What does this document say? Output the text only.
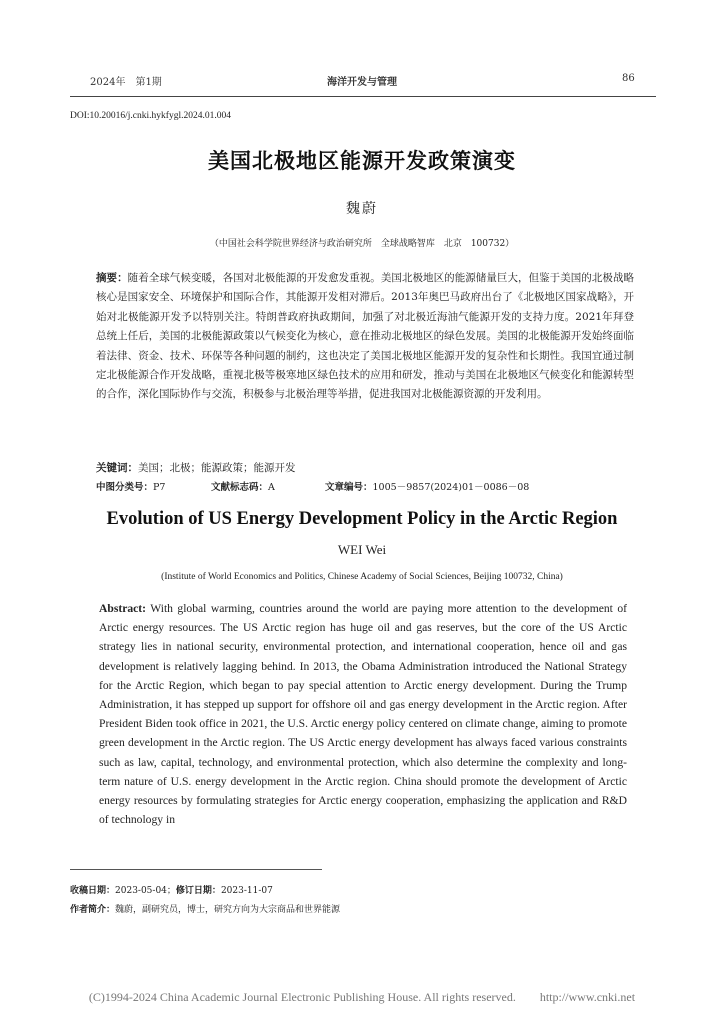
2024年　第1期	海洋开发与管理	86
DOI:10.20016/j.cnki.hykfygl.2024.01.004
美国北极地区能源开发政策演变
魏蔚
（中国社会科学院世界经济与政治研究所　全球战略智库　北京　100732）
摘要：随着全球气候变暖，各国对北极能源的开发愈发重视。美国北极地区的能源储量巨大，但鉴于美国的北极战略核心是国家安全、环境保护和国际合作，其能源开发相对滞后。2013年奥巴马政府出台了《北极地区国家战略》，开始对北极能源开发予以特别关注。特朗普政府执政期间，加强了对北极近海油气能源开发的支持力度。2021年拜登总统上任后，美国的北极能源政策以气候变化为核心，意在推动北极地区的绿色发展。美国的北极能源开发始终面临着法律、资金、技术、环保等各种问题的制约，这也决定了美国北极地区能源开发的复杂性和长期性。我国宜通过制定北极能源合作开发战略，重视北极等极寒地区绿色技术的应用和研发，推动与美国在北极地区气候变化和能源转型的合作，深化国际协作与交流，积极参与北极治理等举措，促进我国对北极能源资源的开发利用。
关键词：美国；北极；能源政策；能源开发
中图分类号：P7	文献标志码：A	文章编号：1005－9857(2024)01－0086－08
Evolution of US Energy Development Policy in the Arctic Region
WEI Wei
(Institute of World Economics and Politics, Chinese Academy of Social Sciences, Beijing 100732, China)
Abstract: With global warming, countries around the world are paying more attention to the development of Arctic energy resources. The US Arctic region has huge oil and gas reserves, but the core of the US Arctic strategy lies in national security, environmental protection, and international cooperation, hence oil and gas development is relatively lagging behind. In 2013, the Obama Administration introduced the National Strategy for the Arctic Region, which began to pay special attention to Arctic energy development. During the Trump Administration, it has stepped up support for offshore oil and gas energy development in the Arctic region. After President Biden took office in 2021, the U.S. Arctic energy policy centered on climate change, aiming to promote green development in the Arctic region. The US Arctic energy development has always faced various constraints such as law, capital, technology, and environmental protection, which also determine the complexity and long-term nature of U.S. energy development in the Arctic region. China should promote the development of Arctic energy resources by formulating strategies for Arctic energy cooperation, emphasizing the application and R&D of technology in
收稿日期：2023-05-04；修订日期：2023-11-07
作者简介：魏蔚，副研究员，博士，研究方向为大宗商品和世界能源
(C)1994-2024 China Academic Journal Electronic Publishing House. All rights reserved.　　http://www.cnki.net
